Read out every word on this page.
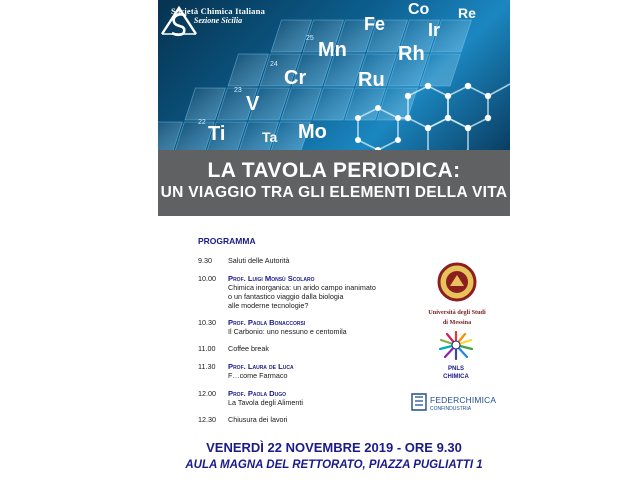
V
Cr
Mn
Fe
Co
Ti	Mo
Ru
Rh
Ir
Re
Ta
23
24
25
22
Società Chimica Italiana
Sezione Sicilia
LA TAVOLA PERIODICA:
UN VIAGGIO TRA GLI ELEMENTI DELLA VITA
PROGRAMMA
9.30	Saluti delle Autorità
10.00	Prof. Luigi Monsù Scolaro
Chimica inorganica: un arido campo inanimato
o un fantastico viaggio dalla biologia
alle moderne tecnologie?
10.30	Prof. Paola Bonaccorsi
Il Carbonio: uno nessuno e centomila
11.00	Coffee break
11.30	Prof. Laura de Luca
F…come Farmaco
12.00	Prof. Paola Dugo
La Tavola degli Alimenti
12.30	Chiusura dei lavori
Università degli Studi
di Messina
PNLS
CHIMICA
FEDERCHIMICA
CONFINDUSTRIA
VENERDÌ 22 NOVEMBRE 2019 - ORE 9.30
AULA MAGNA DEL RETTORATO, PIAZZA PUGLIATTI 1
